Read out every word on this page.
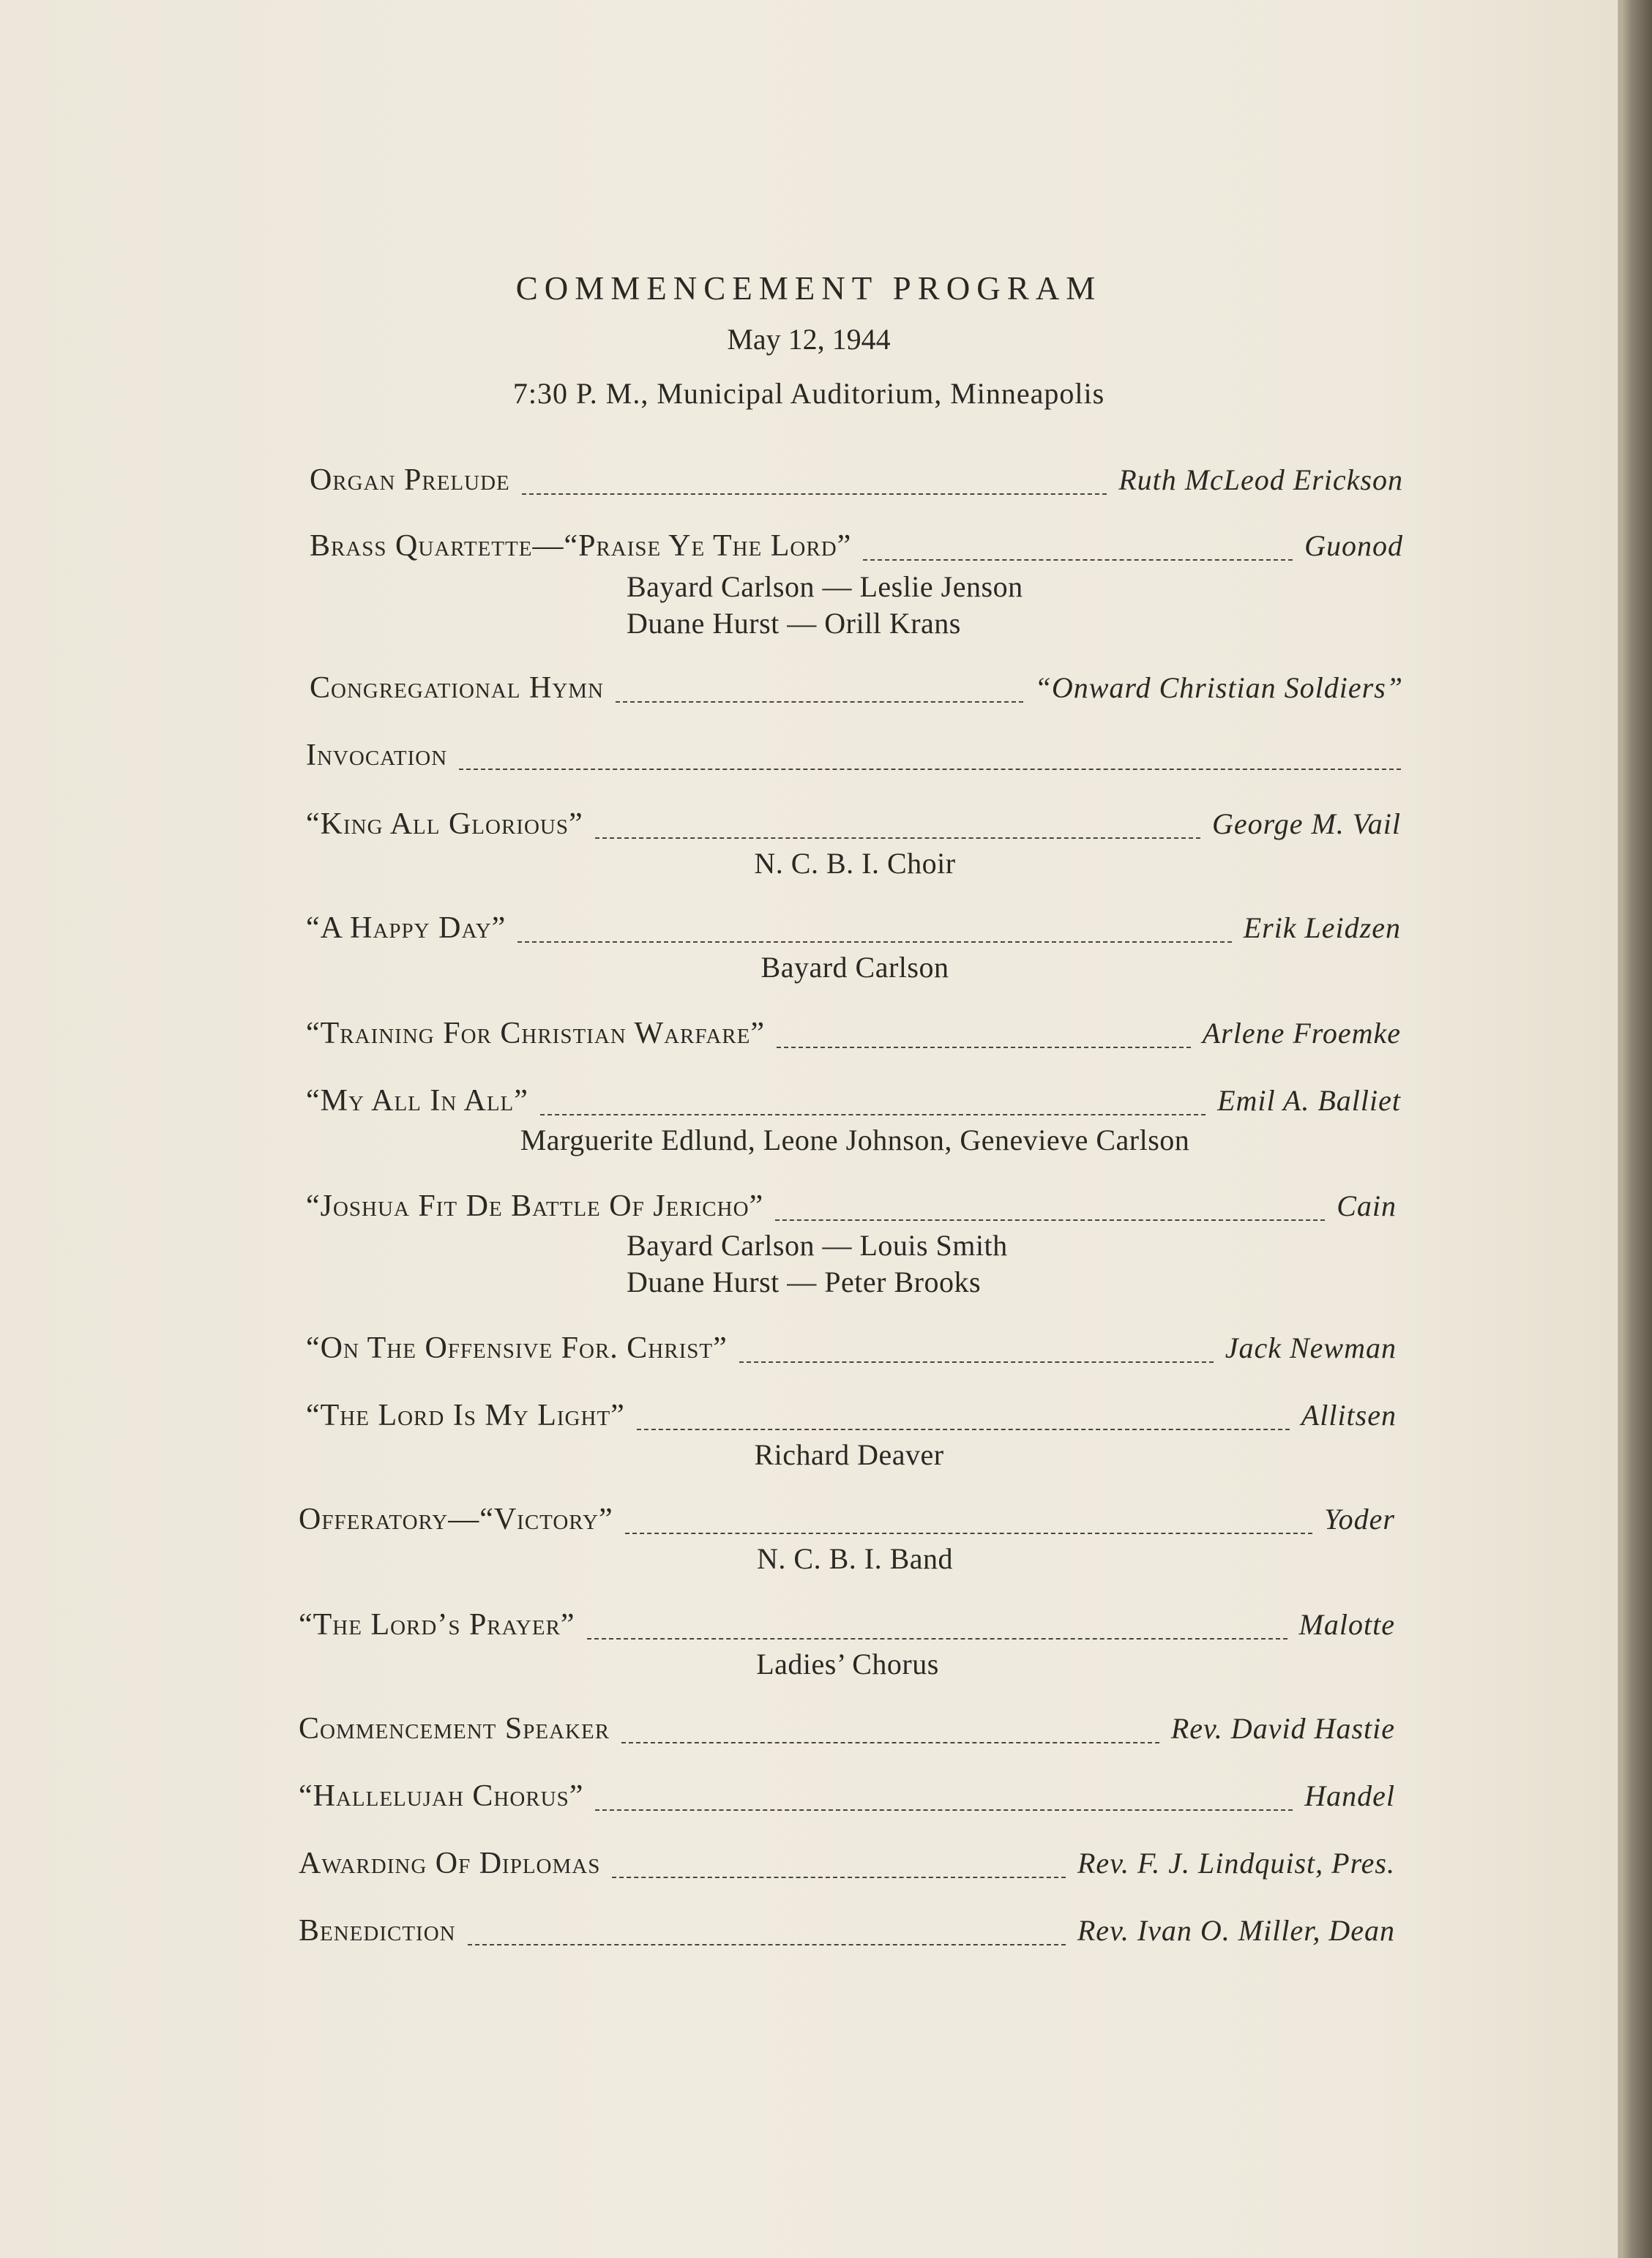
COMMENCEMENT PROGRAM
May 12, 1944
7:30 P. M., Municipal Auditorium, Minneapolis
Organ Prelude	Ruth McLeod Erickson
Brass Quartette—“Praise Ye The Lord”	Guonod
Bayard Carlson — Leslie Jenson
Duane Hurst — Orill Krans
Congregational Hymn	“Onward Christian Soldiers”
Invocation
“King All Glorious”	George M. Vail
N. C. B. I. Choir
“A Happy Day”	Erik Leidzen
Bayard Carlson
“Training For Christian Warfare”	Arlene Froemke
“My All In All”	Emil A. Balliet
Marguerite Edlund, Leone Johnson, Genevieve Carlson
“Joshua Fit De Battle Of Jericho”	Cain
Bayard Carlson — Louis Smith
Duane Hurst — Peter Brooks
“On The Offensive For. Christ”	Jack Newman
“The Lord Is My Light”	Allitsen
Richard Deaver
Offeratory—“Victory”	Yoder
N. C. B. I. Band
“The Lord’s Prayer”	Malotte
Ladies’ Chorus
Commencement Speaker	Rev. David Hastie
“Hallelujah Chorus”	Handel
Awarding Of Diplomas	Rev. F. J. Lindquist, Pres.
Benediction	Rev. Ivan O. Miller, Dean
